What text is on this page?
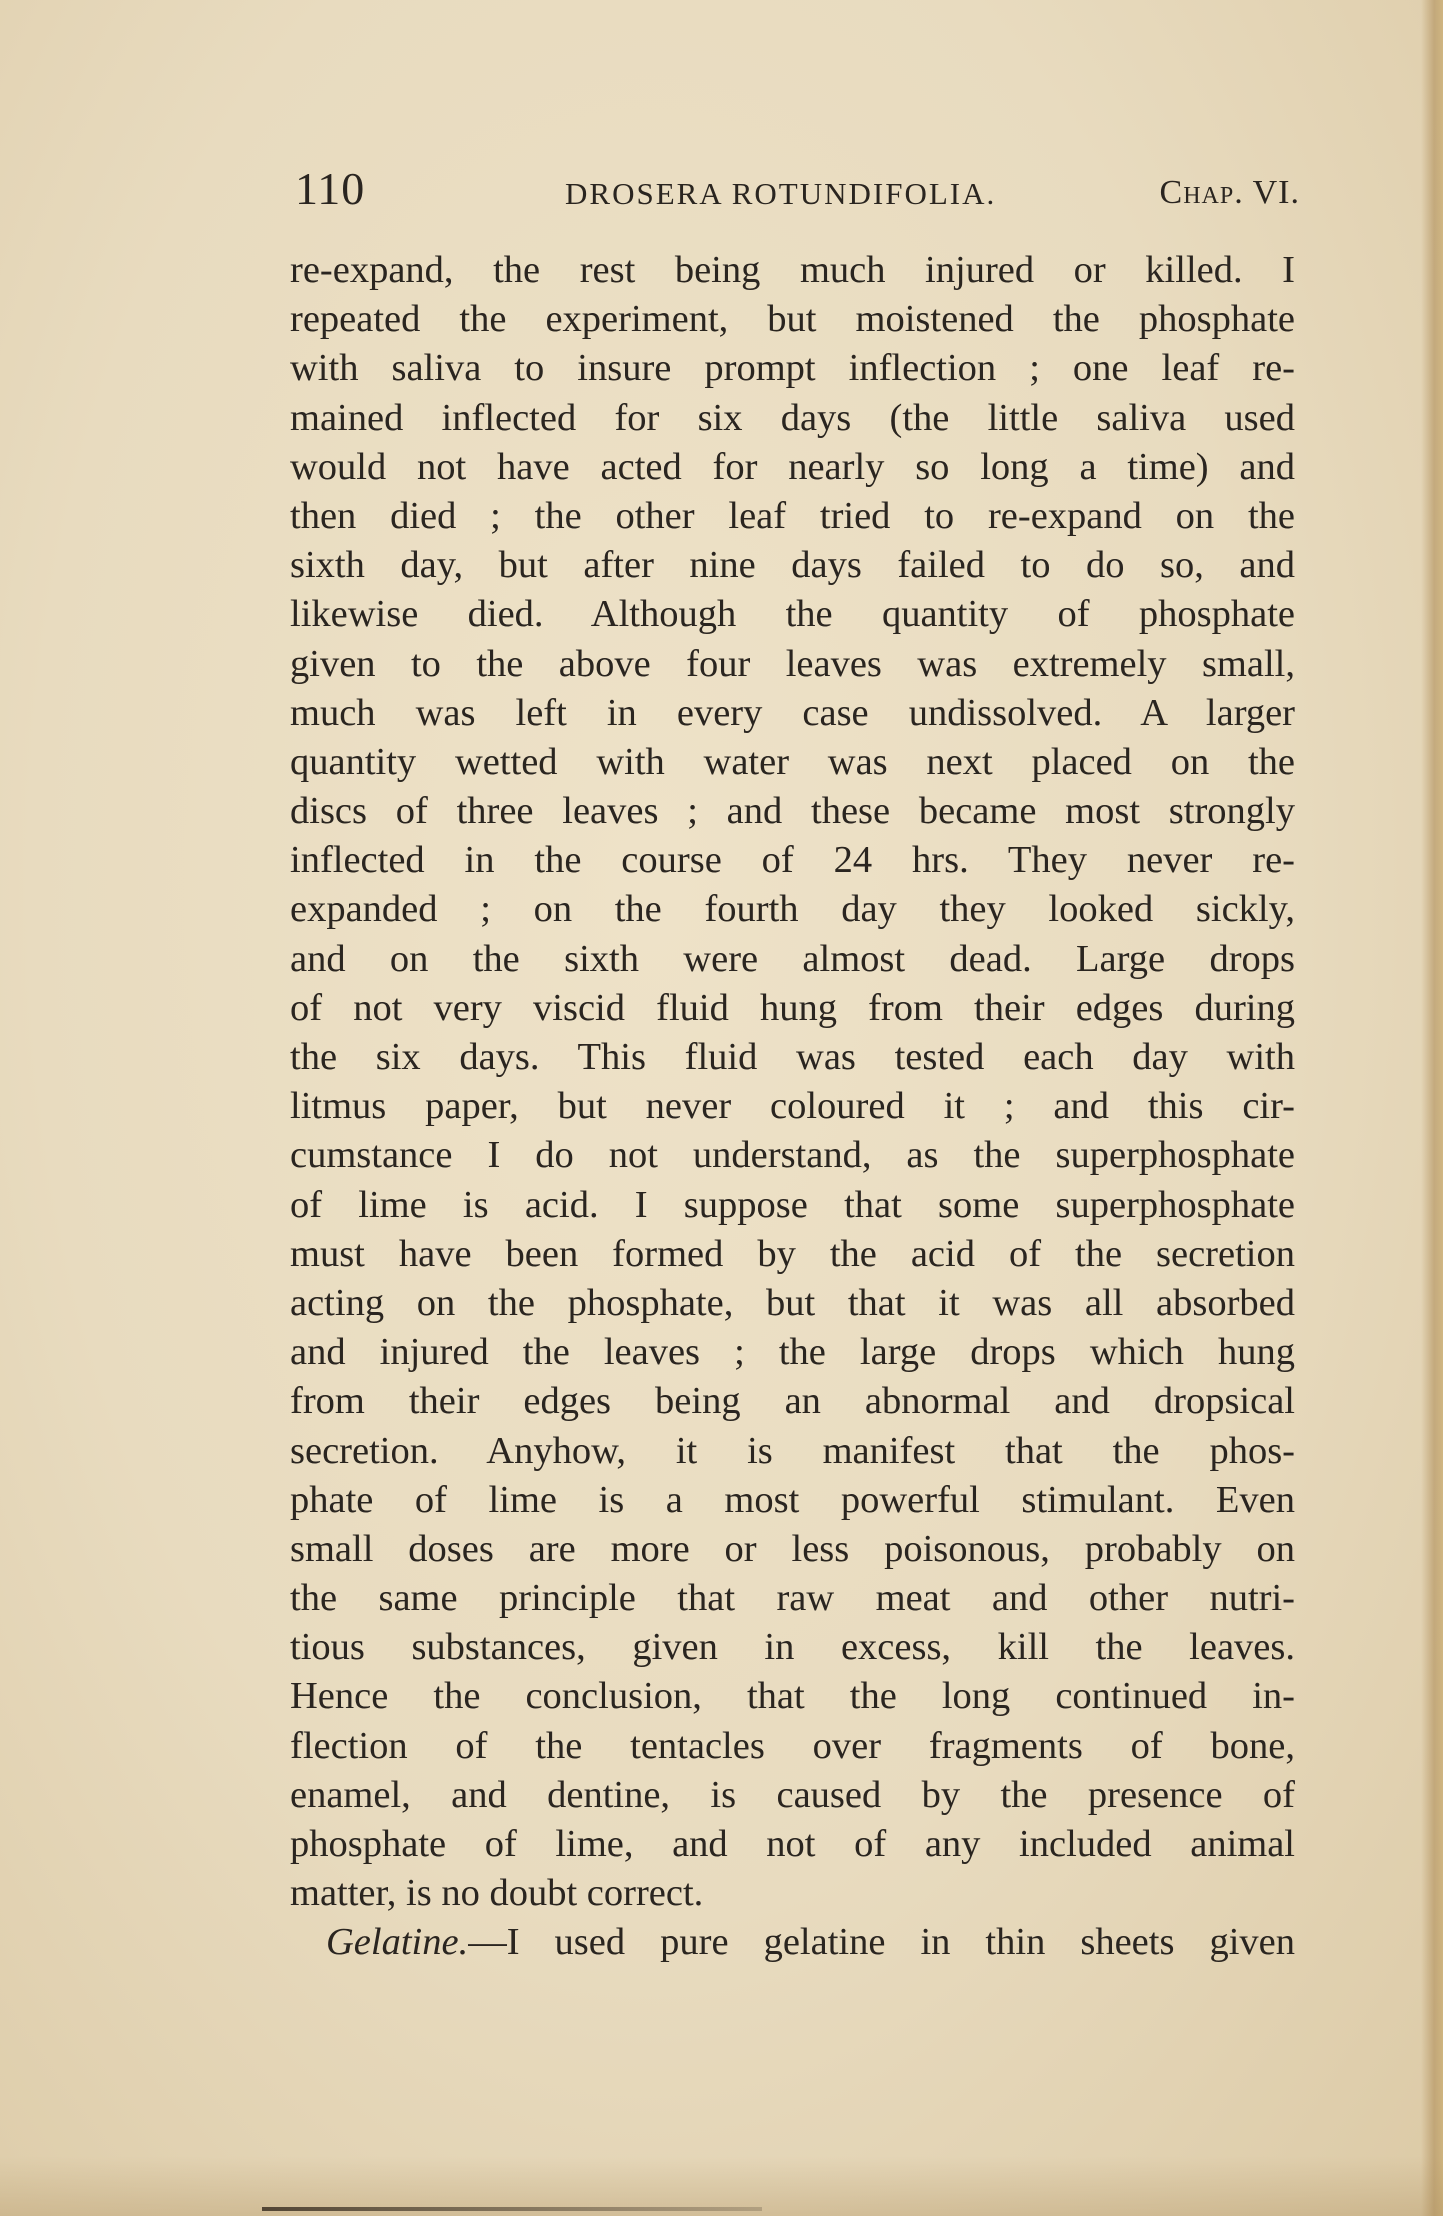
110	DROSERA ROTUNDIFOLIA.	Chap. VI.
re-expand, the rest being much injured or killed. I
repeated the experiment, but moistened the phosphate
with saliva to insure prompt inflection ; one leaf re-
mained inflected for six days (the little saliva used
would not have acted for nearly so long a time) and
then died ; the other leaf tried to re-expand on the
sixth day, but after nine days failed to do so, and
likewise died. Although the quantity of phosphate
given to the above four leaves was extremely small,
much was left in every case undissolved. A larger
quantity wetted with water was next placed on the
discs of three leaves ; and these became most strongly
inflected in the course of 24 hrs. They never re-
expanded ; on the fourth day they looked sickly,
and on the sixth were almost dead. Large drops
of not very viscid fluid hung from their edges during
the six days. This fluid was tested each day with
litmus paper, but never coloured it ; and this cir-
cumstance I do not understand, as the superphosphate
of lime is acid. I suppose that some superphosphate
must have been formed by the acid of the secretion
acting on the phosphate, but that it was all absorbed
and injured the leaves ; the large drops which hung
from their edges being an abnormal and dropsical
secretion. Anyhow, it is manifest that the phos-
phate of lime is a most powerful stimulant. Even
small doses are more or less poisonous, probably on
the same principle that raw meat and other nutri-
tious substances, given in excess, kill the leaves.
Hence the conclusion, that the long continued in-
flection of the tentacles over fragments of bone,
enamel, and dentine, is caused by the presence of
phosphate of lime, and not of any included animal
matter, is no doubt correct.
Gelatine.—I used pure gelatine in thin sheets given
